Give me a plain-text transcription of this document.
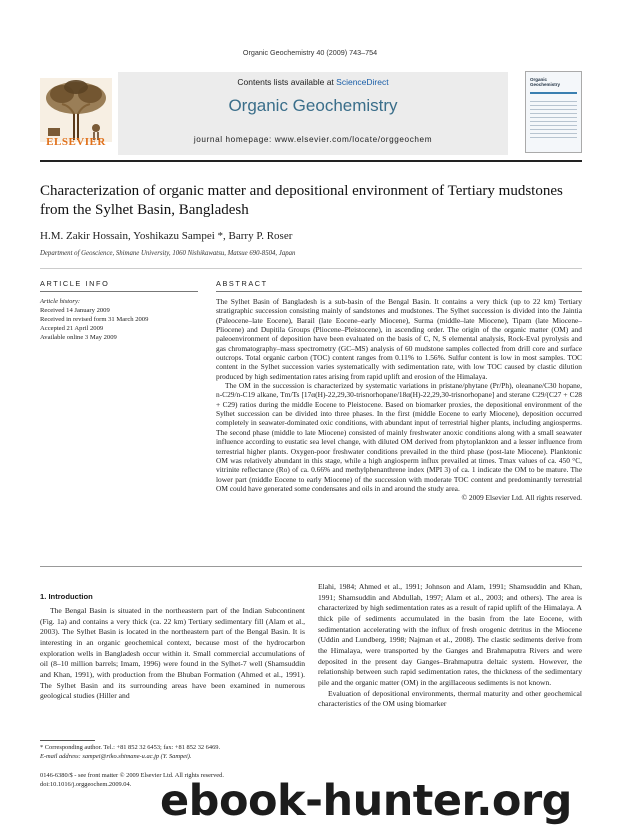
Organic Geochemistry 40 (2009) 743–754
Contents lists available at ScienceDirect
Organic Geochemistry
journal homepage: www.elsevier.com/locate/orggeochem
ELSEVIER
Organic Geochemistry
Characterization of organic matter and depositional environment of Tertiary mudstones from the Sylhet Basin, Bangladesh
H.M. Zakir Hossain, Yoshikazu Sampei *, Barry P. Roser
Department of Geoscience, Shimane University, 1060 Nishikawatsu, Matsue 690-8504, Japan
ARTICLE INFO
Article history:
Received 14 January 2009
Received in revised form 31 March 2009
Accepted 21 April 2009
Available online 3 May 2009
ABSTRACT

The Sylhet Basin of Bangladesh is a sub-basin of the Bengal Basin. It contains a very thick (up to 22 km) Tertiary stratigraphic succession consisting mainly of sandstones and mudstones. The Sylhet succession is divided into the Jaintia (Paleocene–late Eocene), Barail (late Eocene–early Miocene), Surma (middle–late Miocene), Tipam (late Miocene–Pliocene) and Dupitila Groups (Pliocene–Pleistocene), in ascending order. The origin of the organic matter (OM) and paleoenvironment of deposition have been evaluated on the basis of C, N, S elemental analysis, Rock-Eval pyrolysis and gas chromatography–mass spectrometry (GC–MS) analysis of 60 mudstone samples collected from drill core and surface outcrops. Total organic carbon (TOC) content ranges from 0.11% to 1.56%. Sulfur content is low in most samples. TOC content in the Sylhet succession varies systematically with sedimentation rate, with low TOC caused by clastic dilution produced by high sedimentation rates arising from rapid uplift and erosion of the Himalaya.

The OM in the succession is characterized by systematic variations in pristane/phytane (Pr/Ph), oleanane/C30 hopane, n-C29/n-C19 alkane, Tm/Ts [17α(H)-22,29,30-trisnorhopane/18α(H)-22,29,30-trisnorhopane] and sterane C29/(C27 + C28 + C29) ratios during the middle Eocene to Pleistocene. Based on biomarker proxies, the depositional environment of the Sylhet succession can be divided into three phases. In the first (middle Eocene to early Miocene), deposition occurred completely in seawater-dominated oxic conditions, with abundant input of terrestrial higher plants, including angiosperms. The second phase (middle to late Miocene) consisted of mainly freshwater anoxic conditions along with a small seawater influence according to eustatic sea level change, with diluted OM derived from phytoplankton and a lesser influence from terrestrial higher plants. Oxygen-poor freshwater conditions prevailed in the third phase (post-late Miocene). Planktonic OM was relatively abundant in this stage, while a high angiosperm influx prevailed at times. Tmax values of ca. 450 °C, vitrinite reflectance (Ro) of ca. 0.66% and methylphenanthrene index (MPI 3) of ca. 1 indicate the OM to be mature. The lower part (middle Eocene to early Miocene) of the succession with moderate TOC content and predominantly terrestrial OM could have generated some condensates and oils in and around the study area.

© 2009 Elsevier Ltd. All rights reserved.
1. Introduction

The Bengal Basin is situated in the northeastern part of the Indian Subcontinent (Fig. 1a) and contains a very thick (ca. 22 km) Tertiary sedimentary fill (Alam et al., 2003). The Sylhet Basin is located in the northeastern part of the Bengal Basin. It is interesting in an organic geochemical context, because most of the hydrocarbon exploration wells in Bangladesh occur within it. Small commercial accumulations of oil (8–10 million barrels; Imam, 1996) were found in the Sylhet-7 well (Shamsuddin and Khan, 1991), with production from the Bhuban Formation (Ahmed et al., 1991). The Sylhet Basin and its surrounding areas have been examined in numerous geological studies (Hiller and

Elahi, 1984; Ahmed et al., 1991; Johnson and Alam, 1991; Shamsuddin and Khan, 1991; Shamsuddin and Abdullah, 1997; Alam et al., 2003; and others). The area is characterized by high sedimentation rates as a result of rapid uplift of the Himalaya. A thick pile of sediments accumulated in the basin from the late Eocene, with sedimentation accelerating with the influx of fresh orogenic detritus in the Miocene (Uddin and Lundberg, 1998; Najman et al., 2008). The clastic sediments derive from the Himalaya, were transported by the Ganges and Brahmaputra Rivers and were deposited in the present day Ganges–Brahmaputra deltaic system. However, the relationship between such rapid sedimentation rates, the thickness of the sedimentary pile and the organic matter (OM) in the argillaceous sediments is not known.

Evaluation of depositional environments, thermal maturity and other geochemical characteristics of the OM using biomarker

* Corresponding author. Tel.: +81 852 32 6453; fax: +81 852 32 6469.
E-mail address: sampei@riko.shimane-u.ac.jp (Y. Sampei).
0146-6380/$ - see front matter © 2009 Elsevier Ltd. All rights reserved.
doi:10.1016/j.orggeochem.2009.04. ebook-hunter.org
